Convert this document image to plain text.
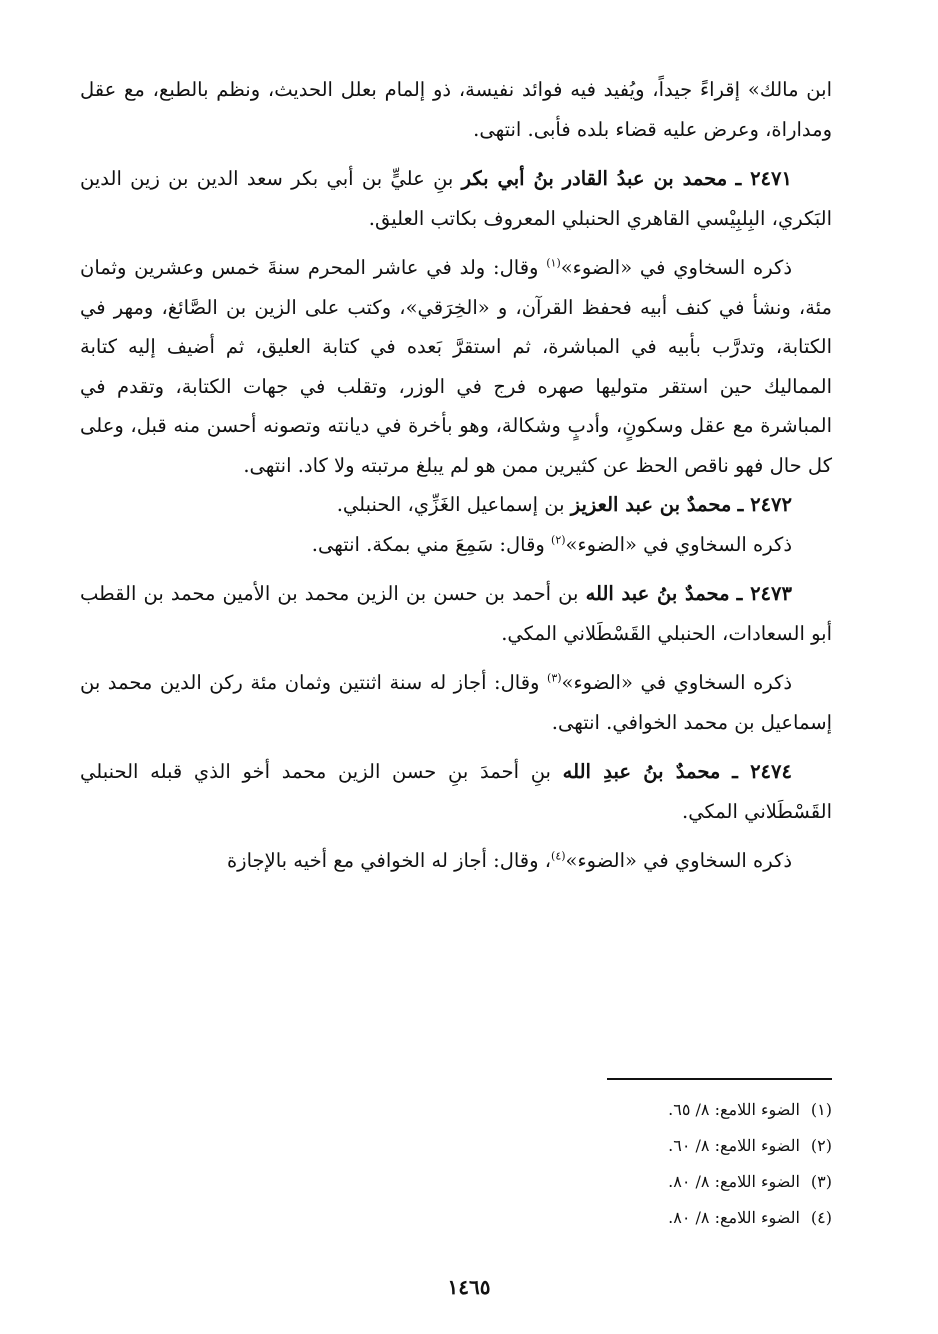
ابن مالك» إقراءً جيداً، ويُفيد فيه فوائد نفيسة، ذو إلمام بعلل الحديث، ونظم بالطبع، مع عقل ومداراة، وعرض عليه قضاء بلده فأبى. انتهى.

٢٤٧١ ـ محمد بن عبدُ القادر بنُ أبي بكر بنِ عليٍّ بن أبي بكر سعد الدين بن زين الدين البَكري، البِلبِيْسي القاهري الحنبلي المعروف بكاتب العليق.

ذكره السخاوي في «الضوء»$^{(١)}$ وقال: ولد في عاشر المحرم سنةَ خمس وعشرين وثمان مئة، ونشأ في كنف أبيه فحفظ القرآن، و «الخِرَقي»، وكتب على الزين بن الصَّائغ، ومهر في الكتابة، وتدرَّب بأبيه في المباشرة، ثم استقرَّ بَعده في كتابة العليق، ثم أضيف إليه كتابة المماليك حين استقر متوليها صهره فرج في الوزر، وتقلب في جهات الكتابة، وتقدم في المباشرة مع عقل وسكونٍ، وأدبٍ وشكالة، وهو بأخرة في ديانته وتصونه أحسن منه قبل، وعلى كل حال فهو ناقص الحظ عن كثيرين ممن هو لم يبلغ مرتبته ولا كاد. انتهى.

٢٤٧٢ ـ محمدٌ بن عبد العزيز بن إسماعيل الغَزِّي، الحنبلي.

ذكره السخاوي في «الضوء»$^{(٢)}$ وقال: سَمِعَ مني بمكة. انتهى.

٢٤٧٣ ـ محمدٌ بنُ عبد الله بن أحمد بن حسن بن الزين محمد بن الأمين محمد بن القطب أبو السعادات، الحنبلي القَسْطَلاني المكي.

ذكره السخاوي في «الضوء»$^{(٣)}$ وقال: أجاز له سنة اثنتين وثمان مئة ركن الدين محمد بن إسماعيل بن محمد الخوافي. انتهى.

٢٤٧٤ ـ محمدٌ بنُ عبدِ الله بنِ أحمدَ بنِ حسن الزين محمد أخو الذي قبله الحنبلي القَسْطَلاني المكي.

ذكره السخاوي في «الضوء»$^{(٤)}$، وقال: أجاز له الخوافي مع أخيه بالإجازة

(١)الضوء اللامع: ٨/ ٦٥.
(٢)الضوء اللامع: ٨/ ٦٠.
(٣)الضوء اللامع: ٨/ ٨٠.
(٤)الضوء اللامع: ٨/ ٨٠.
١٤٦٥
